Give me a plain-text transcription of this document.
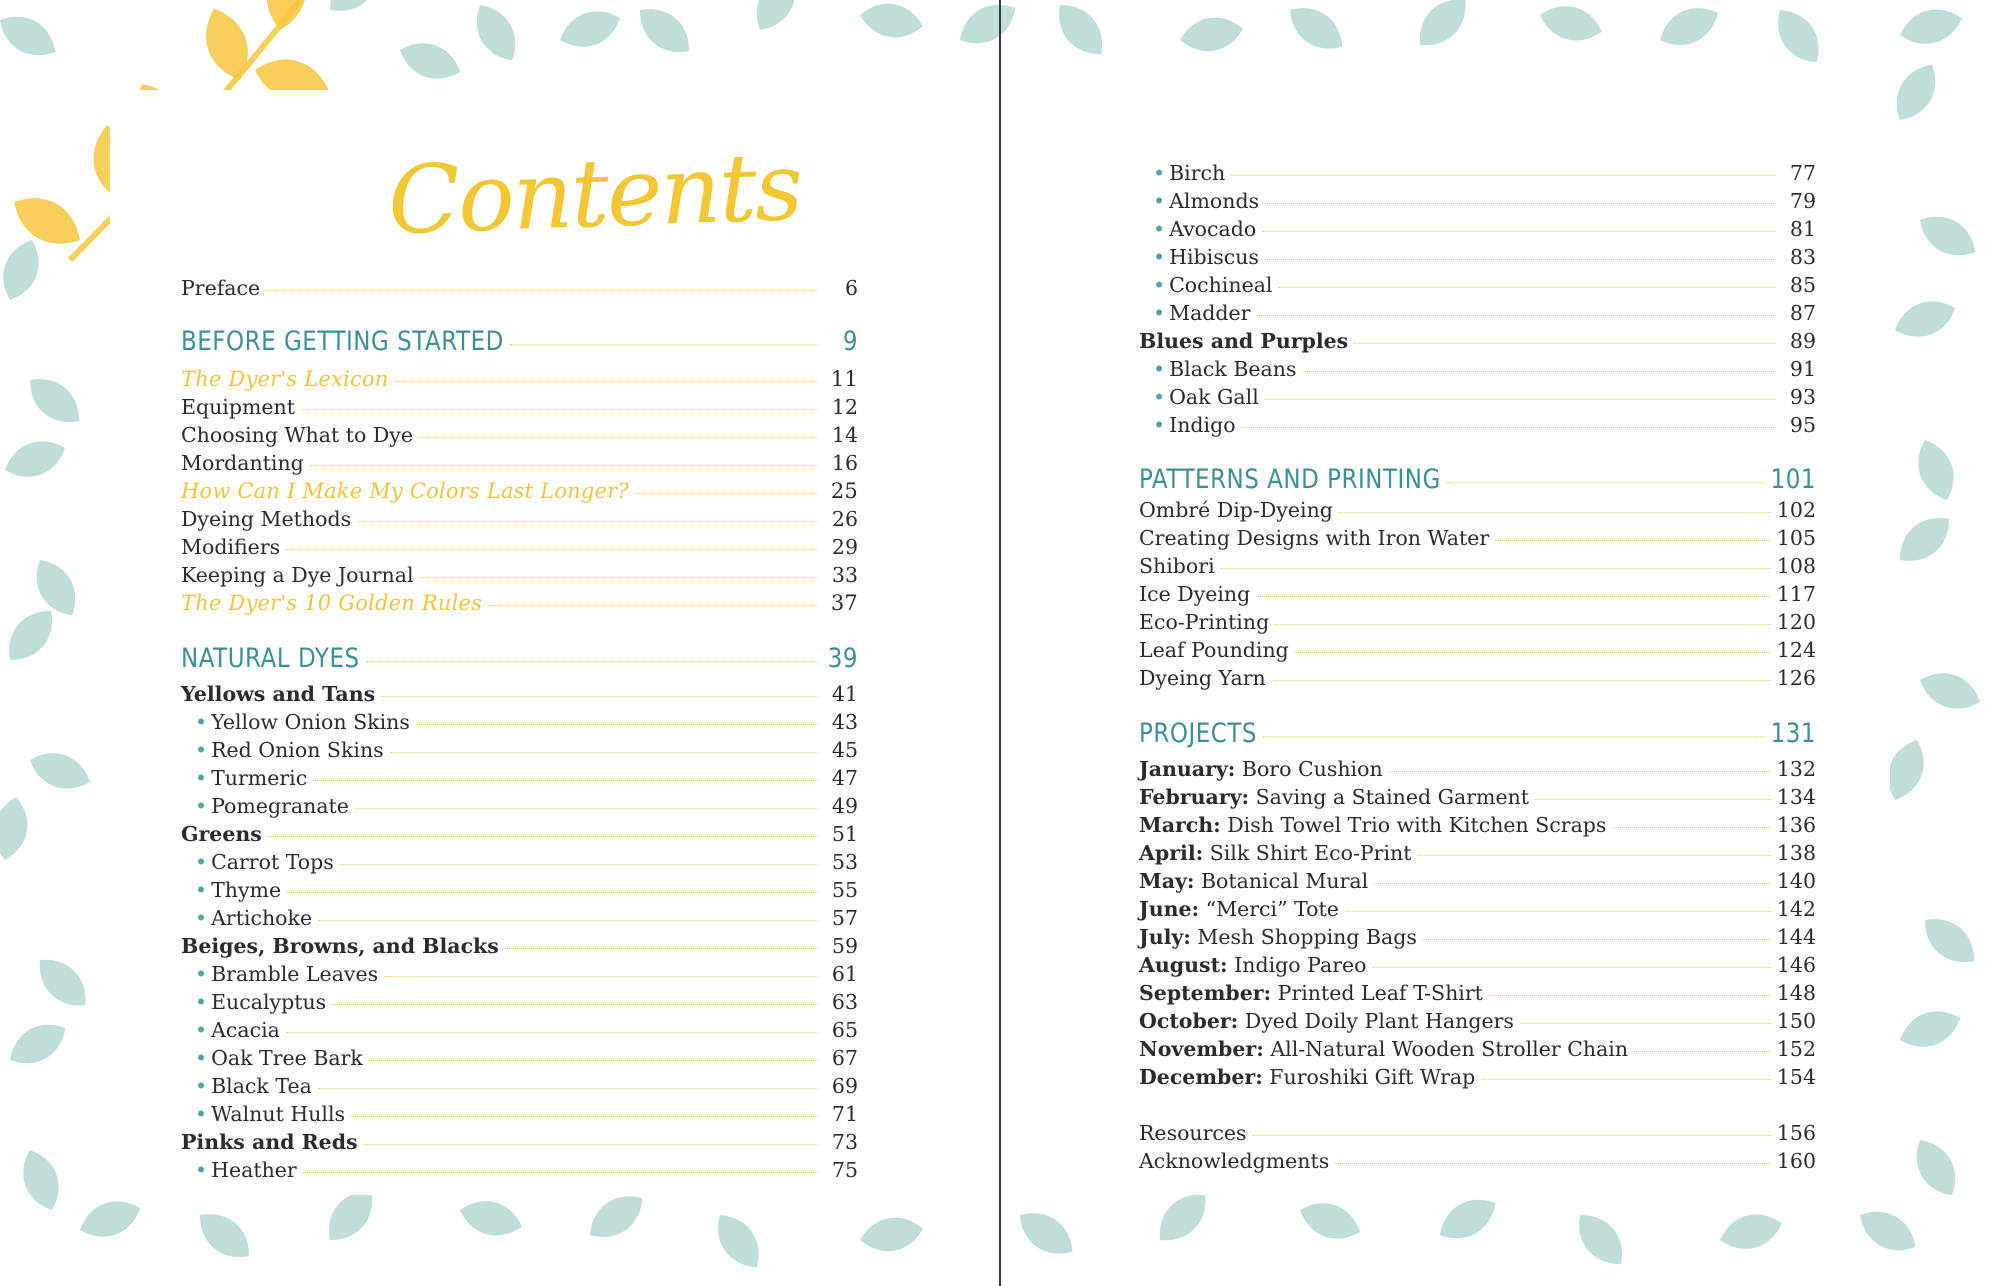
Contents
Preface	6
BEFORE GETTING STARTED	9
The Dyer's Lexicon	11
Equipment	12
Choosing What to Dye	14
Mordanting	16
How Can I Make My Colors Last Longer?	25
Dyeing Methods	26
Modifiers	29
Keeping a Dye Journal	33
The Dyer's 10 Golden Rules	37
NATURAL DYES	39
Yellows and Tans	41
• Yellow Onion Skins	43
• Red Onion Skins	45
• Turmeric	47
• Pomegranate	49
Greens	51
• Carrot Tops	53
• Thyme	55
• Artichoke	57
Beiges, Browns, and Blacks	59
• Bramble Leaves	61
• Eucalyptus	63
• Acacia	65
• Oak Tree Bark	67
• Black Tea	69
• Walnut Hulls	71
Pinks and Reds	73
• Heather	75
• Birch	77
• Almonds	79
• Avocado	81
• Hibiscus	83
• Cochineal	85
• Madder	87
Blues and Purples	89
• Black Beans	91
• Oak Gall	93
• Indigo	95
PATTERNS AND PRINTING	101
Ombré Dip-Dyeing	102
Creating Designs with Iron Water	105
Shibori	108
Ice Dyeing	117
Eco-Printing	120
Leaf Pounding	124
Dyeing Yarn	126
PROJECTS	131
January: Boro Cushion	132
February: Saving a Stained Garment	134
March: Dish Towel Trio with Kitchen Scraps	136
April: Silk Shirt Eco-Print	138
May: Botanical Mural	140
June: “Merci” Tote	142
July: Mesh Shopping Bags	144
August: Indigo Pareo	146
September: Printed Leaf T-Shirt	148
October: Dyed Doily Plant Hangers	150
November: All-Natural Wooden Stroller Chain	152
December: Furoshiki Gift Wrap	154
Resources	156
Acknowledgments	160
